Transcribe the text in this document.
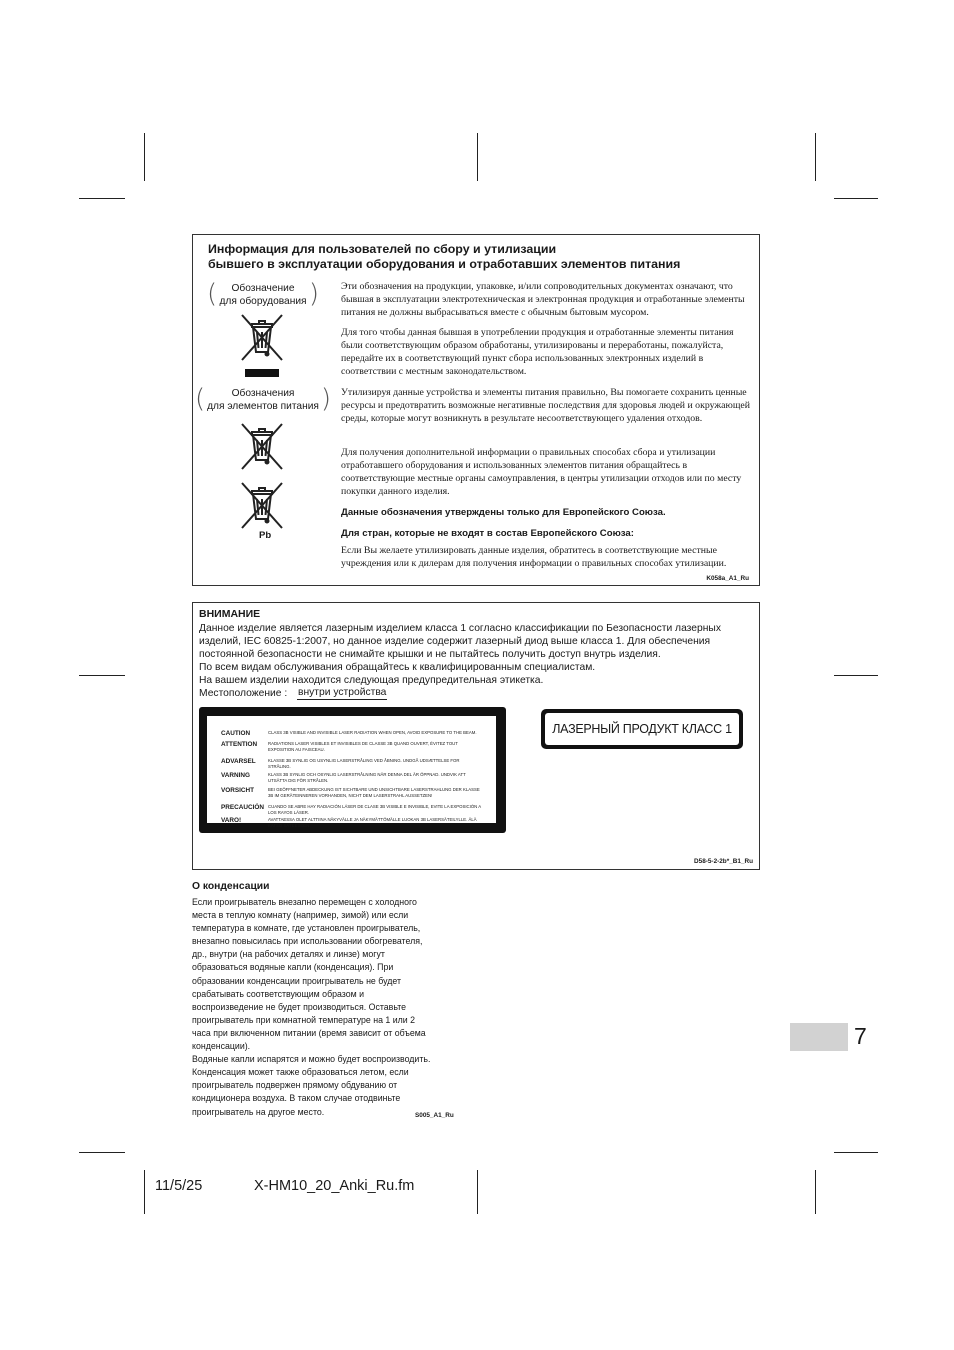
Информация для пользователей по сбору и утилизации
бывшего в эксплуатации оборудования и отработавших элементов питания
(	Обозначение
для оборудования )
(	Обозначения
для элементов питания )
Pb
Эти обозначения на продукции, упаковке, и/или сопроводительных документах означают, что бывшая в эксплуатации электротехническая и электронная продукция и отработанные элементы питания не должны выбрасываться вместе с обычным бытовым мусором.
Для того чтобы данная бывшая в употреблении продукция и отработанные элементы питания были соответствующим образом обработаны, утилизированы и переработаны, пожалуйста, передайте их в соответствующий пункт сбора использованных электронных изделий в соответствии с местным законодательством.
Утилизируя данные устройства и элементы питания правильно, Вы помогаете сохранить ценные ресурсы и предотвратить возможные негативные последствия для здоровья людей и окружающей среды, которые могут возникнуть в результате несоответствующего удаления отходов.
Для получения дополнительной информации о правильных способах сбора и утилизации отработавшего оборудования и использованных элементов питания обращайтесь в соответствующие местные органы самоуправления, в центры утилизации отходов или по месту покупки данного изделия.
Данные обозначения утверждены только для Европейского Союза.
Для стран, которые не входят в состав Европейского Союза:
Если Вы желаете утилизировать данные изделия, обратитесь в соответствующие местные учреждения или к дилерам для получения информации о правильных способах утилизации.
K058a_A1_Ru
ВНИМАНИЕ
Данное изделие является лазерным изделием класса 1 согласно классификации по Безопасности лазерных
изделий, IEC 60825-1:2007, но данное изделие содержит лазерный диод выше класса 1. Для обеспечения
постоянной безопасности не снимайте крышки и не пытайтесь получить доступ внутрь изделия.
По всем видам обслуживания обращайтесь к квалифицированным специалистам.
На вашем изделии находится следующая предупредительная этикетка.
Местоположение : внутри устройства
CAUTION	CLASS 3B VISIBLE AND INVISIBLE LASER RADIATION WHEN OPEN, AVOID EXPOSURE TO THE BEAM.
ATTENTION	RADIATIONS LASER VISIBLES ET INVISIBLES DE CLASSE 3B QUAND OUVERT, ÉVITEZ TOUT EXPOSITION AU FAISCEAU.
ADVARSEL	KLASSE 3B SYNLIG OG USYNLIG LASERSTRÅLING VED ÅBNING. UNDGÅ UDSÆTTELSE FOR STRÅLING.
VARNING	KLASS 3B SYNLIG OCH OSYNLIG LASERSTRÅLNING NÄR DENNA DEL ÄR ÖPPNAD. UNDVIK ATT UTSÄTTA DIG FÖR STRÅLEN.
VORSICHT	BEI GEÖFFNETER ABDECKUNG IST SICHTBARE UND UNSICHTBARE LASERSTRAHLUNG DER KLASSE 3B IM GERÄTEINNEREN VORHANDEN, NICHT DEM LASERSTRAHL AUSSETZEN!
PRECAUCIÓN CUANDO SE ABRE HAY RADIACIÓN LÁSER DE CLASE 3B VISIBLE E INVISIBLE, EVITE LA EXPOSICIÓN A LOS RAYOS LÁSER.
VARO!	AVATTAESSA OLET ALTTIINA NÄKYVÄLLE JA NÄKYMÄTTÖMÄLLE LUOKAN 3B LASERSÄTEILYLLE. ÄLÄ KATSO SÄTEESEEN.
ЛАЗЕРНЫЙ ПРОДУКТ КЛАСС 1
D58-5-2-2b*_B1_Ru
О конденсации
Если проигрыватель внезапно перемещен с холодного
места в теплую комнату (например, зимой) или если
температура в комнате, где установлен проигрыватель,
внезапно повысилась при использовании обогревателя,
др., внутри (на рабочих деталях и линзе) могут
образоваться водяные капли (конденсация). При
образовании конденсации проигрыватель не будет
срабатывать соответствующим образом и
воспроизведение не будет производиться. Оставьте
проигрыватель при комнатной температуре на 1 или 2
часа при включенном питании (время зависит от объема
конденсации).
Водяные капли испарятся и можно будет воспроизводить.
Конденсация может также образоваться летом, если
проигрыватель подвержен прямому обдуванию от
кондиционера воздуха. В таком случае отодвиньте
проигрыватель на другое место.	S005_A1_Ru
7
11/5/25	X-HM10_20_Anki_Ru.fm
